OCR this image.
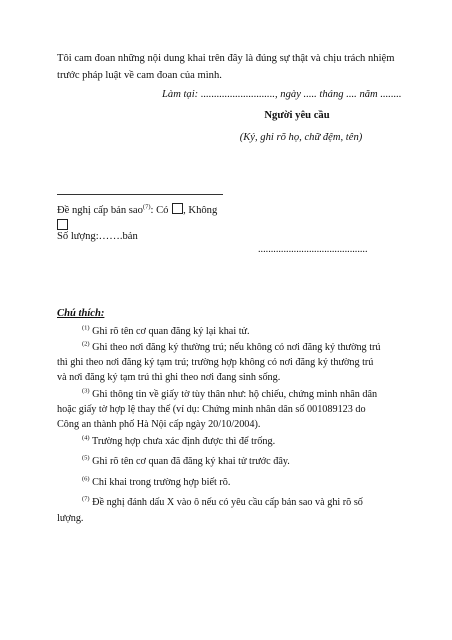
Tôi cam đoan những nội dung khai trên đây là đúng sự thật và chịu trách nhiệm
trước pháp luật về cam đoan của mình.
Làm tại: ............................, ngày ..... tháng .... năm ........
Người yêu cầu
(Ký, ghi rõ họ, chữ đệm, tên)
Đề nghị cấp bản sao$^{(7)}$: Có , Không
Số lượng:…….bản
...........................................
Chú thích:
$^{(1)}$ Ghi rõ tên cơ quan đăng ký lại khai tử.
$^{(2)}$ Ghi theo nơi đăng ký thường trú; nếu không có nơi đăng ký thường trú
thì ghi theo nơi đăng ký tạm trú; trường hợp không có nơi đăng ký thường trú
và nơi đăng ký tạm trú thì ghi theo nơi đang sinh sống.
$^{(3)}$ Ghi thông tin về giấy tờ tùy thân như: hộ chiếu, chứng minh nhân dân
hoặc giấy tờ hợp lệ thay thế (ví dụ: Chứng minh nhân dân số 001089123 do
Công an thành phố Hà Nội cấp ngày 20/10/2004).
$^{(4)}$ Trường hợp chưa xác định được thì để trống.
$^{(5)}$ Ghi rõ tên cơ quan đã đăng ký khai tử trước đây.
$^{(6)}$ Chỉ khai trong trường hợp biết rõ.
$^{(7)}$ Đề nghị đánh dấu X vào ô nếu có yêu cầu cấp bản sao và ghi rõ số
lượng.
